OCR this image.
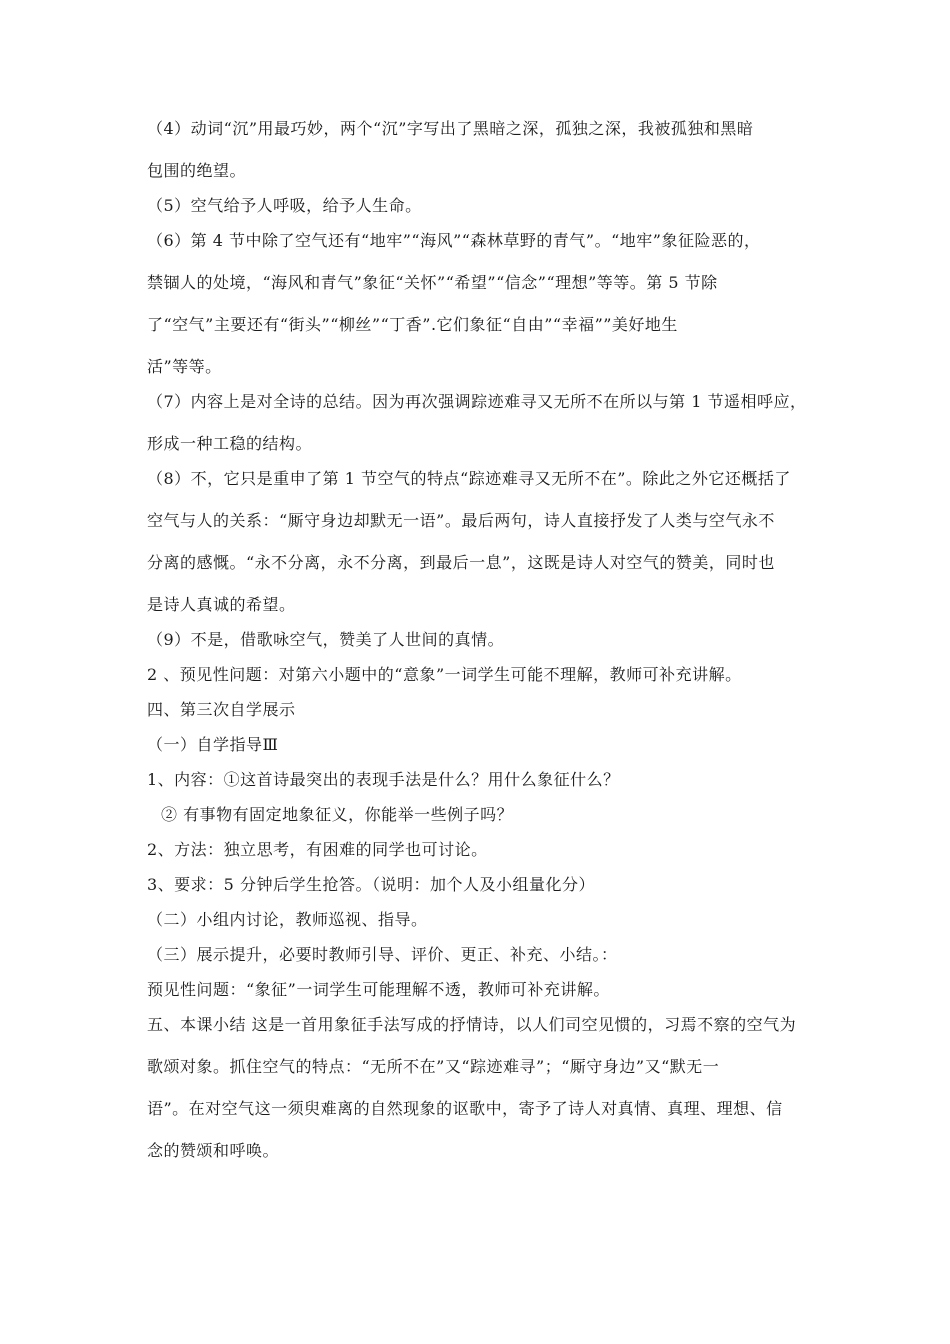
（4）动词“沉”用最巧妙，两个“沉”字写出了黑暗之深，孤独之深，我被孤独和黑暗
包围的绝望。
（5）空气给予人呼吸，给予人生命。
（6）第 4 节中除了空气还有“地牢”“海风”“森林草野的青气”。“地牢”象征险恶的，
禁锢人的处境，“海风和青气”象征“关怀”“希望”“信念”“理想”等等。第 5 节除
了“空气”主要还有“街头”“柳丝”“丁香”.它们象征“自由”“幸福””美好地生
活”等等。
（7）内容上是对全诗的总结。因为再次强调踪迹难寻又无所不在所以与第 1 节遥相呼应，
形成一种工稳的结构。
（8）不，它只是重申了第 1 节空气的特点“踪迹难寻又无所不在”。除此之外它还概括了
空气与人的关系：“厮守身边却默无一语”。最后两句，诗人直接抒发了人类与空气永不
分离的感慨。“永不分离，永不分离，到最后一息”，这既是诗人对空气的赞美，同时也
是诗人真诚的希望。
（9）不是，借歌咏空气，赞美了人世间的真情。
2 、预见性问题：对第六小题中的“意象”一词学生可能不理解，教师可补充讲解。
四、第三次自学展示
（一）自学指导Ⅲ
1、内容：①这首诗最突出的表现手法是什么？用什么象征什么？
② 有事物有固定地象征义，你能举一些例子吗？
2、方法：独立思考，有困难的同学也可讨论。
3、要求：5 分钟后学生抢答。（说明：加个人及小组量化分）
（二）小组内讨论，教师巡视、指导。
（三）展示提升，必要时教师引导、评价、更正、补充、小结。：
预见性问题：“象征”一词学生可能理解不透，教师可补充讲解。
五、本课小结 这是一首用象征手法写成的抒情诗，以人们司空见惯的，习焉不察的空气为
歌颂对象。抓住空气的特点：“无所不在”又“踪迹难寻”；“厮守身边”又“默无一
语”。在对空气这一须臾难离的自然现象的讴歌中，寄予了诗人对真情、真理、理想、信
念的赞颂和呼唤。
